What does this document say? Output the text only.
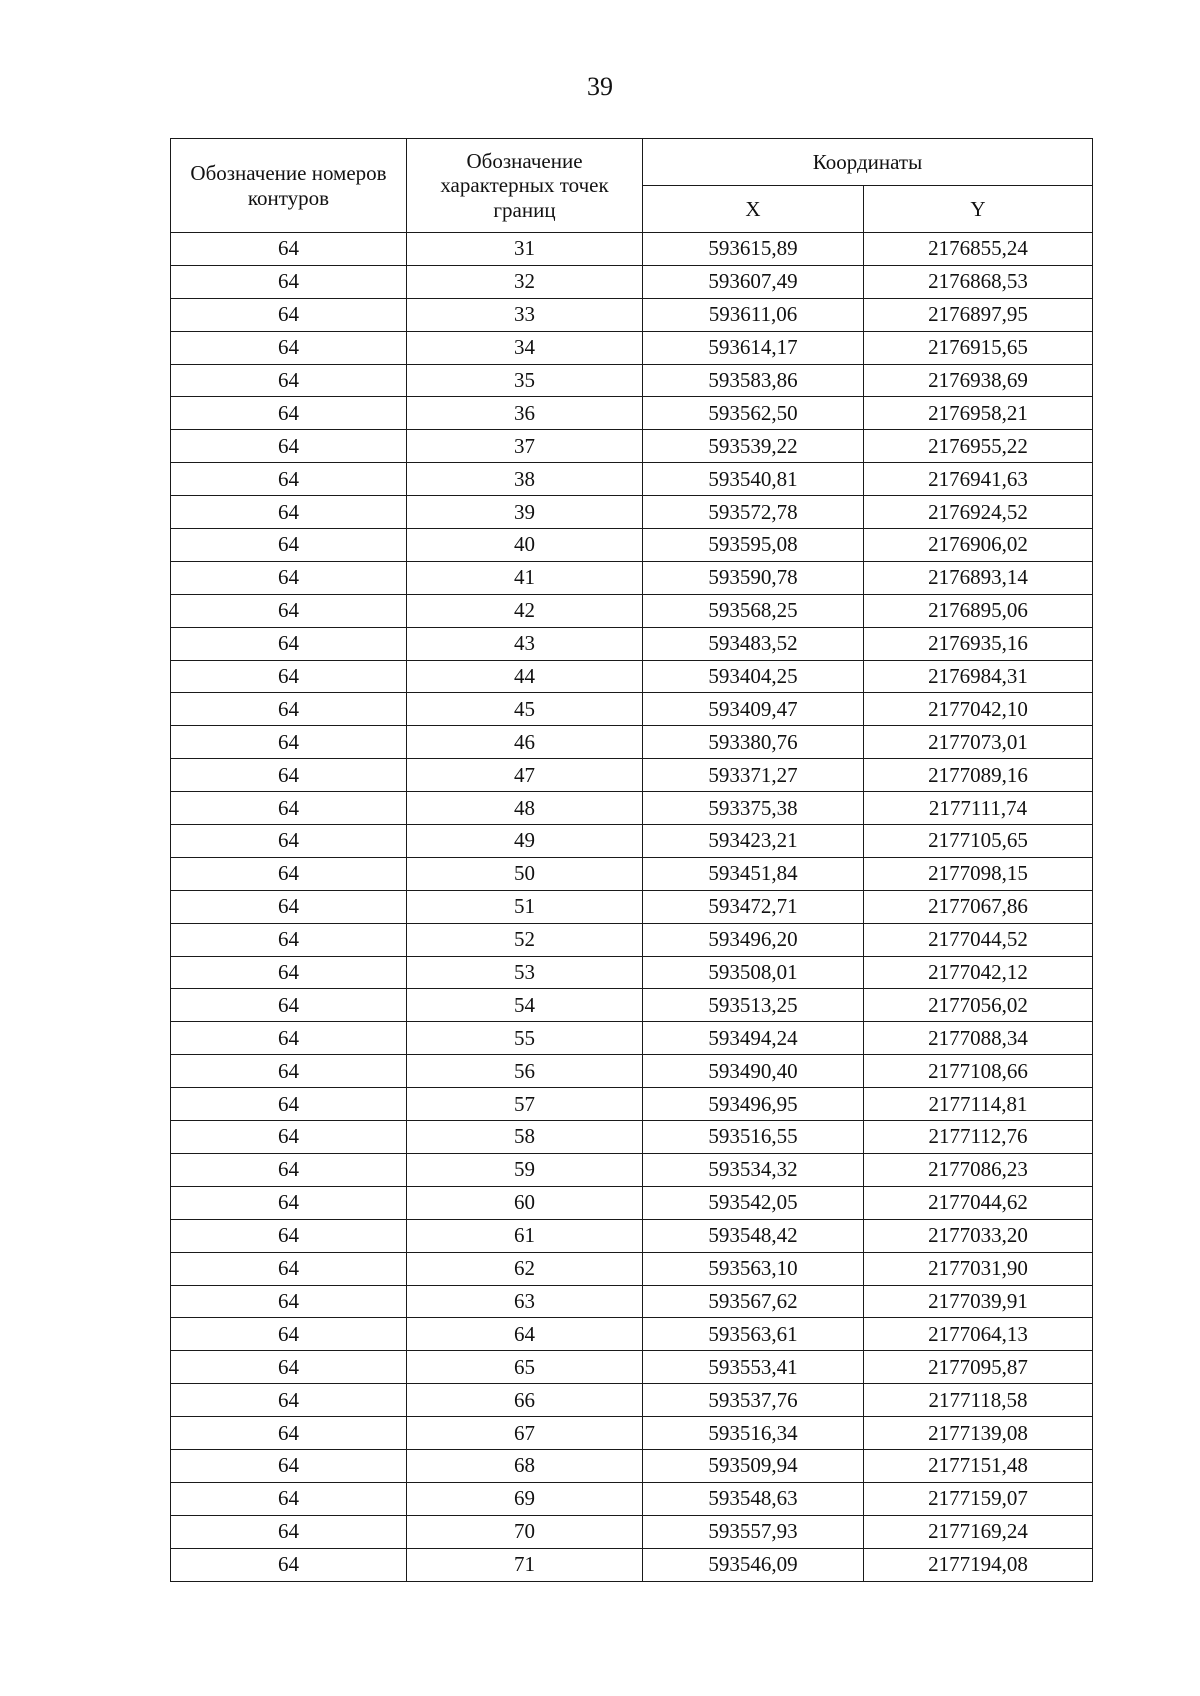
39
Обозначение номеров контуров	Обозначение характерных точек границ	Координаты	
		X	Y
64	31	593615,89	2176855,24
64	32	593607,49	2176868,53
64	33	593611,06	2176897,95
64	34	593614,17	2176915,65
64	35	593583,86	2176938,69
64	36	593562,50	2176958,21
64	37	593539,22	2176955,22
64	38	593540,81	2176941,63
64	39	593572,78	2176924,52
64	40	593595,08	2176906,02
64	41	593590,78	2176893,14
64	42	593568,25	2176895,06
64	43	593483,52	2176935,16
64	44	593404,25	2176984,31
64	45	593409,47	2177042,10
64	46	593380,76	2177073,01
64	47	593371,27	2177089,16
64	48	593375,38	2177111,74
64	49	593423,21	2177105,65
64	50	593451,84	2177098,15
64	51	593472,71	2177067,86
64	52	593496,20	2177044,52
64	53	593508,01	2177042,12
64	54	593513,25	2177056,02
64	55	593494,24	2177088,34
64	56	593490,40	2177108,66
64	57	593496,95	2177114,81
64	58	593516,55	2177112,76
64	59	593534,32	2177086,23
64	60	593542,05	2177044,62
64	61	593548,42	2177033,20
64	62	593563,10	2177031,90
64	63	593567,62	2177039,91
64	64	593563,61	2177064,13
64	65	593553,41	2177095,87
64	66	593537,76	2177118,58
64	67	593516,34	2177139,08
64	68	593509,94	2177151,48
64	69	593548,63	2177159,07
64	70	593557,93	2177169,24
64	71	593546,09	2177194,08
